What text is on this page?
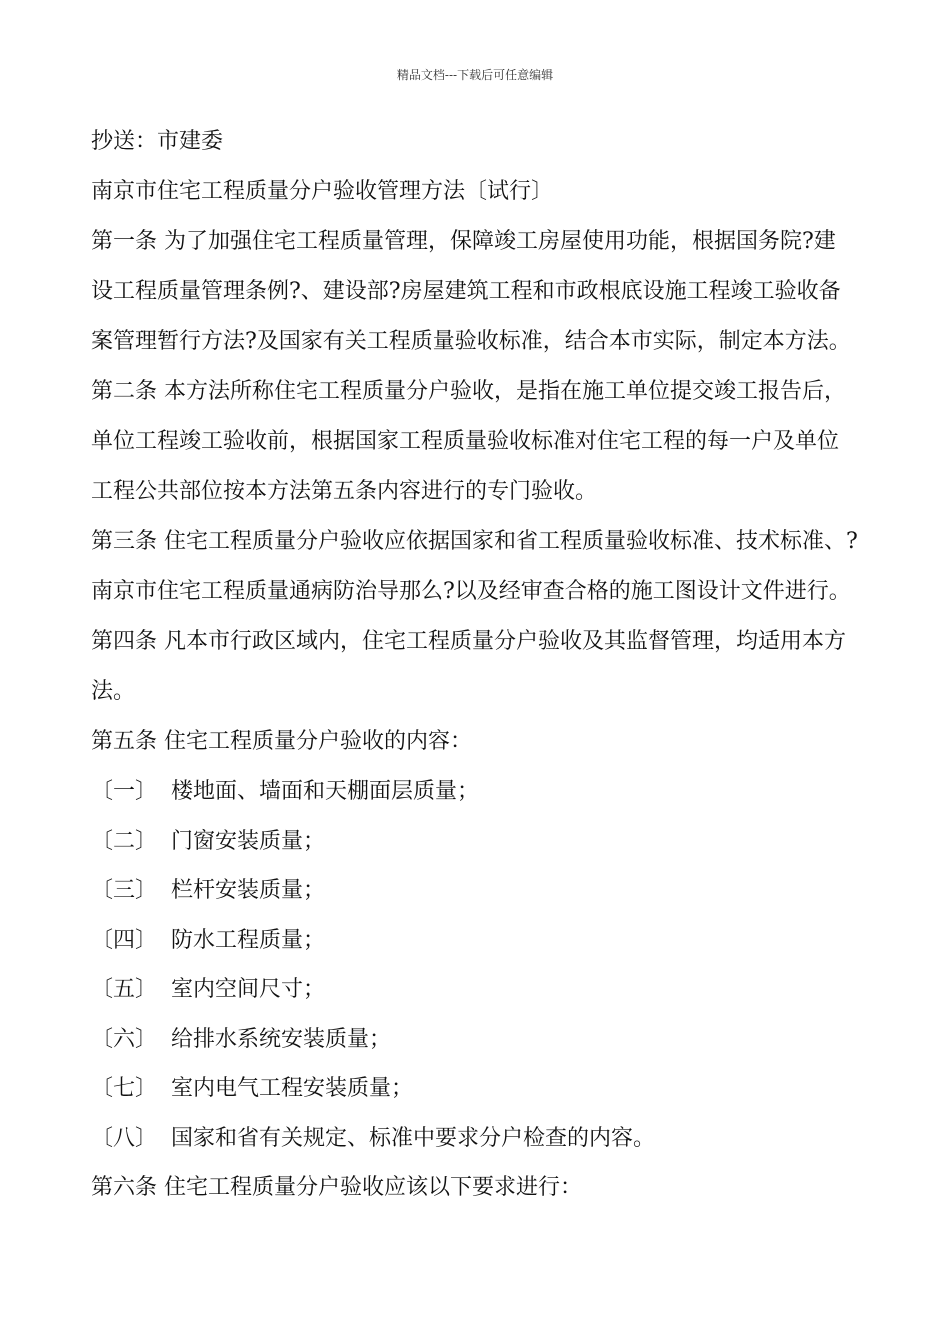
精品文档---下载后可任意编辑
抄送：市建委
南京市住宅工程质量分户验收管理方法〔试行〕
第一条 为了加强住宅工程质量管理，保障竣工房屋使用功能，根据国务院?建
设工程质量管理条例?、建设部?房屋建筑工程和市政根底设施工程竣工验收备
案管理暂行方法?及国家有关工程质量验收标准，结合本市实际，制定本方法。
第二条 本方法所称住宅工程质量分户验收，是指在施工单位提交竣工报告后，
单位工程竣工验收前，根据国家工程质量验收标准对住宅工程的每一户及单位
工程公共部位按本方法第五条内容进行的专门验收。
第三条 住宅工程质量分户验收应依据国家和省工程质量验收标准、技术标准、?
南京市住宅工程质量通病防治导那么?以及经审查合格的施工图设计文件进行。
第四条 凡本市行政区域内，住宅工程质量分户验收及其监督管理，均适用本方
法。
第五条 住宅工程质量分户验收的内容：
〔一〕 楼地面、墙面和天棚面层质量；
〔二〕 门窗安装质量；
〔三〕 栏杆安装质量；
〔四〕 防水工程质量；
〔五〕 室内空间尺寸；
〔六〕 给排水系统安装质量；
〔七〕 室内电气工程安装质量；
〔八〕 国家和省有关规定、标准中要求分户检查的内容。
第六条 住宅工程质量分户验收应该以下要求进行：
